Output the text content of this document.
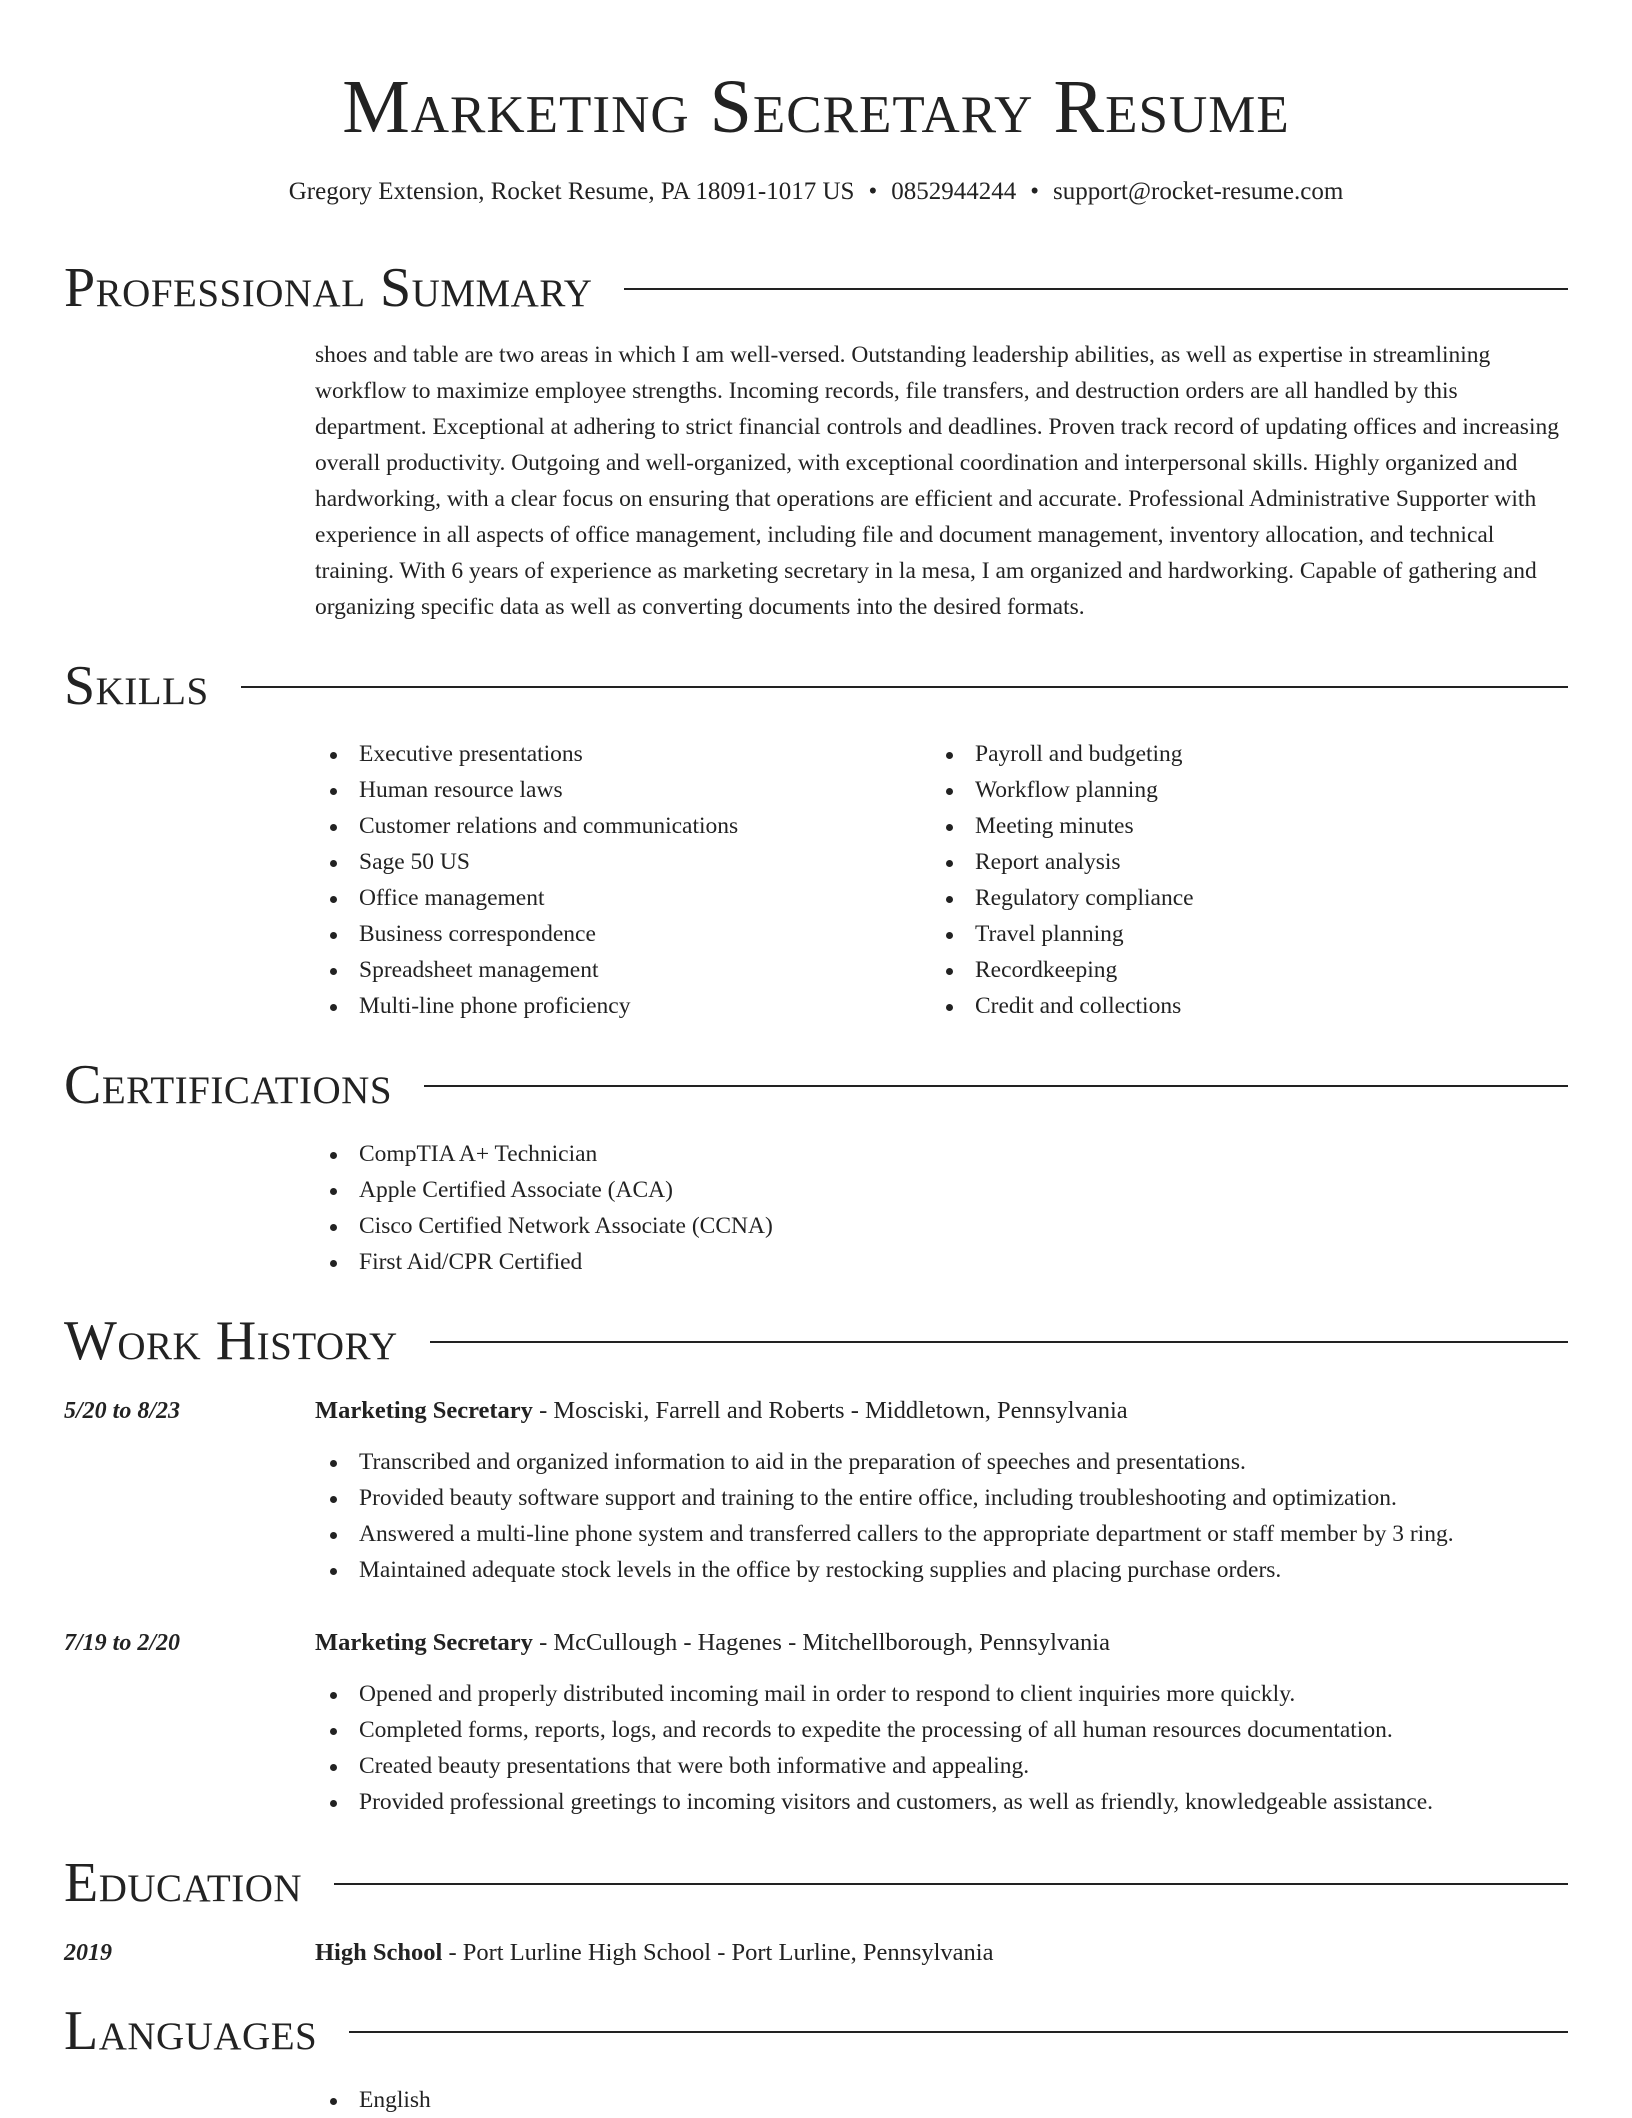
Marketing Secretary Resume
Gregory Extension, Rocket Resume, PA 18091-1017 US • 0852944244 • support@rocket-resume.com
Professional Summary
shoes and table are two areas in which I am well-versed. Outstanding leadership abilities, as well as expertise in streamlining workflow to maximize employee strengths. Incoming records, file transfers, and destruction orders are all handled by this department. Exceptional at adhering to strict financial controls and deadlines. Proven track record of updating offices and increasing overall productivity. Outgoing and well-organized, with exceptional coordination and interpersonal skills. Highly organized and hardworking, with a clear focus on ensuring that operations are efficient and accurate. Professional Administrative Supporter with experience in all aspects of office management, including file and document management, inventory allocation, and technical training. With 6 years of experience as marketing secretary in la mesa, I am organized and hardworking. Capable of gathering and organizing specific data as well as converting documents into the desired formats.
Skills
Executive presentations
Human resource laws
Customer relations and communications
Sage 50 US
Office management
Business correspondence
Spreadsheet management
Multi-line phone proficiency
Payroll and budgeting
Workflow planning
Meeting minutes
Report analysis
Regulatory compliance
Travel planning
Recordkeeping
Credit and collections
Certifications
CompTIA A+ Technician
Apple Certified Associate (ACA)
Cisco Certified Network Associate (CCNA)
First Aid/CPR Certified
Work History
5/20 to 8/23	Marketing Secretary - Mosciski, Farrell and Roberts - Middletown, Pennsylvania
Transcribed and organized information to aid in the preparation of speeches and presentations.
Provided beauty software support and training to the entire office, including troubleshooting and optimization.
Answered a multi-line phone system and transferred callers to the appropriate department or staff member by 3 ring.
Maintained adequate stock levels in the office by restocking supplies and placing purchase orders.
7/19 to 2/20	Marketing Secretary - McCullough - Hagenes - Mitchellborough, Pennsylvania
Opened and properly distributed incoming mail in order to respond to client inquiries more quickly.
Completed forms, reports, logs, and records to expedite the processing of all human resources documentation.
Created beauty presentations that were both informative and appealing.
Provided professional greetings to incoming visitors and customers, as well as friendly, knowledgeable assistance.
Education
2019	High School - Port Lurline High School - Port Lurline, Pennsylvania
Languages
English
